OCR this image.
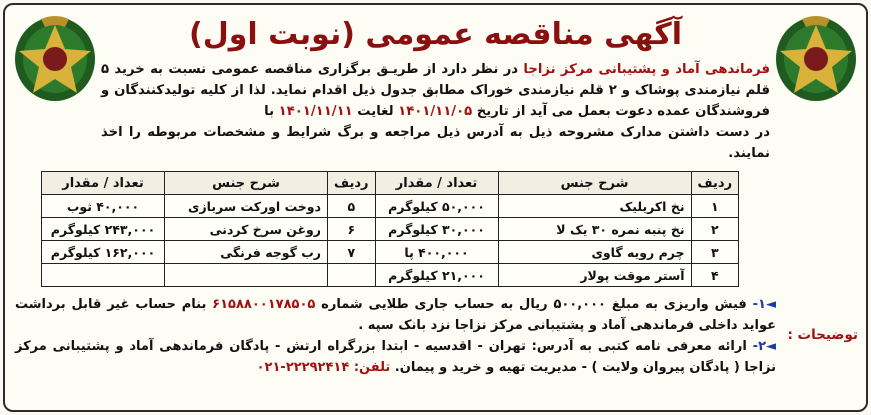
آگهی مناقصه عمومی (نوبت اول)
فرماندهی آماد و پشتیبانی مرکز نزاجا در نظر دارد از طریـق برگزاری مناقصه عمومی نسبت به خرید ۵ قلم نیازمندی پوشاک و ۲ قلم نیازمندی خوراک مطابق جدول ذیل اقدام نماید. لذا از کلیه تولیدکنندگان و فروشندگان عمده دعوت بعمل می آید از تاریخ ۱۴۰۱/۱۱/۰۵ لغایت ۱۴۰۱/۱۱/۱۱ با
در دست داشتن مدارک مشروحه ذیل به آدرس ذیل مراجعه و برگ شرایط و مشخصات مربوطه را اخذ نمایند.
ردیف	شرح جنس	تعداد / مقدار	ردیف	شرح جنس	تعداد / مقدار
۱	نخ اکریلیک	۵۰,۰۰۰ کیلوگرم	۵	دوخت اورکت سربازی	۴۰,۰۰۰ ثوب
۲	نخ پنبه نمره ۳۰ یک لا	۳۰,۰۰۰ کیلوگرم	۶	روغن سرخ کردنی	۲۴۳,۰۰۰ کیلوگرم
۳	چرم رویه گاوی	۴۰۰,۰۰۰ پا	۷	رب گوجه فرنگی	۱۶۲,۰۰۰ کیلوگرم
۴	آستر موقت پولار	۲۱,۰۰۰ کیلوگرم			
توضیحات :

◄۱- فیش واریزی به مبلغ ۵۰۰,۰۰۰ ریال به حساب جاری طلایی شماره ۶۱۵۸۸۰۰۱۷۸۵۰۵ بنام حساب غیر قابل برداشت عواید داخلی فرماندهی آماد و پشتیبانی مرکز نزاجا نزد بانک سپه .

◄۲- ارائه معرفی نامه کتبی به آدرس: تهران - اقدسیه - ابتدا بزرگراه ارتش - پادگان فرماندهی آماد و پشتیبانی مرکز نزاجا ( پادگان پیروان ولایت ) - مدیریت تهیه و خرید و پیمان. تلفن: ۲۲۲۹۲۴۱۴-۰۲۱
